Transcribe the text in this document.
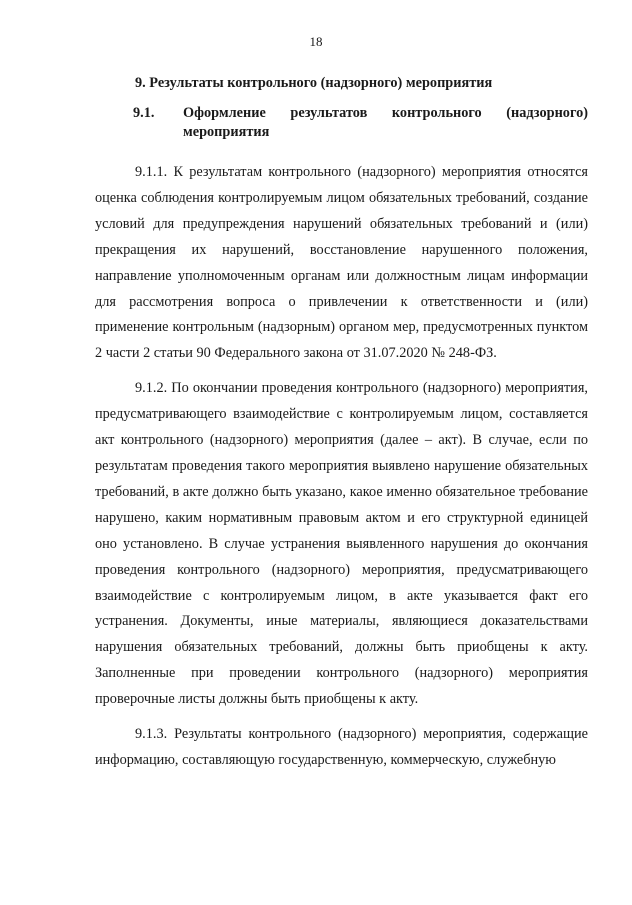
18
9. Результаты контрольного (надзорного) мероприятия
9.1.	Оформление результатов контрольного (надзорного)
мероприятия

9.1.1. К результатам контрольного (надзорного) мероприятия относятся оценка соблюдения контролируемым лицом обязательных требований, создание условий для предупреждения нарушений обязательных требований и (или) прекращения их нарушений, восстановление нарушенного положения, направление уполномоченным органам или должностным лицам информации для рассмотрения вопроса о привлечении к ответственности и (или) применение контрольным (надзорным) органом мер, предусмотренных пунктом 2 части 2 статьи 90 Федерального закона от 31.07.2020 № 248-ФЗ.

9.1.2. По окончании проведения контрольного (надзорного) мероприятия, предусматривающего взаимодействие с контролируемым лицом, составляется акт контрольного (надзорного) мероприятия (далее – акт). В случае, если по результатам проведения такого мероприятия выявлено нарушение обязательных требований, в акте должно быть указано, какое именно обязательное требование нарушено, каким нормативным правовым актом и его структурной единицей оно установлено. В случае устранения выявленного нарушения до окончания проведения контрольного (надзорного) мероприятия, предусматривающего взаимодействие с контролируемым лицом, в акте указывается факт его устранения. Документы, иные материалы, являющиеся доказательствами нарушения обязательных требований, должны быть приобщены к акту. Заполненные при проведении контрольного (надзорного) мероприятия проверочные листы должны быть приобщены к акту.

9.1.3. Результаты контрольного (надзорного) мероприятия, содержащие информацию, составляющую государственную, коммерческую, служебную
